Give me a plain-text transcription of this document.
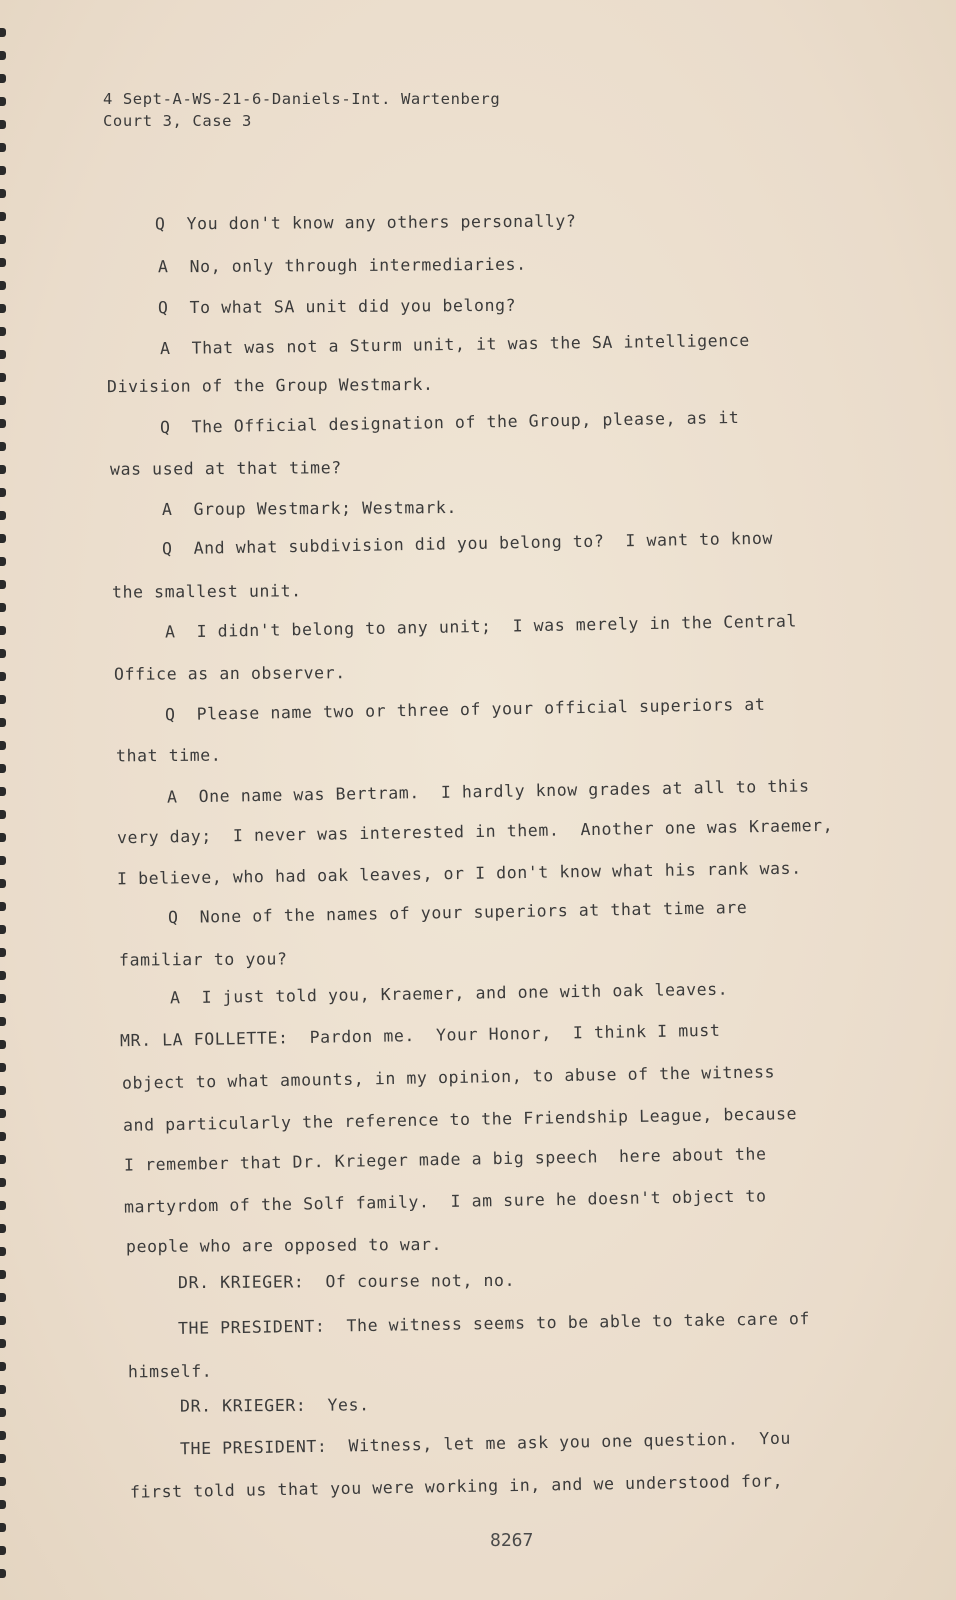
4 Sept-A-WS-21-6-Daniels-Int. Wartenberg
Court 3, Case 3
Q  You don't know any others personally?
A  No, only through intermediaries.
Q  To what SA unit did you belong?
A  That was not a Sturm unit, it was the SA intelligence
Division of the Group Westmark.
Q  The Official designation of the Group, please, as it
was used at that time?
A  Group Westmark; Westmark.
Q  And what subdivision did you belong to?  I want to know
the smallest unit.
A  I didn't belong to any unit;  I was merely in the Central
Office as an observer.
Q  Please name two or three of your official superiors at
that time.
A  One name was Bertram.  I hardly know grades at all to this
very day;  I never was interested in them.  Another one was Kraemer,
I believe, who had oak leaves, or I don't know what his rank was.
Q  None of the names of your superiors at that time are
familiar to you?
A  I just told you, Kraemer, and one with oak leaves.
MR. LA FOLLETTE:  Pardon me.  Your Honor,  I think I must
object to what amounts, in my opinion, to abuse of the witness
and particularly the reference to the Friendship League, because
I remember that Dr. Krieger made a big speech  here about the
martyrdom of the Solf family.  I am sure he doesn't object to
people who are opposed to war.
DR. KRIEGER:  Of course not, no.
THE PRESIDENT:  The witness seems to be able to take care of
himself.
DR. KRIEGER:  Yes.
THE PRESIDENT:  Witness, let me ask you one question.  You
first told us that you were working in, and we understood for,
8267
